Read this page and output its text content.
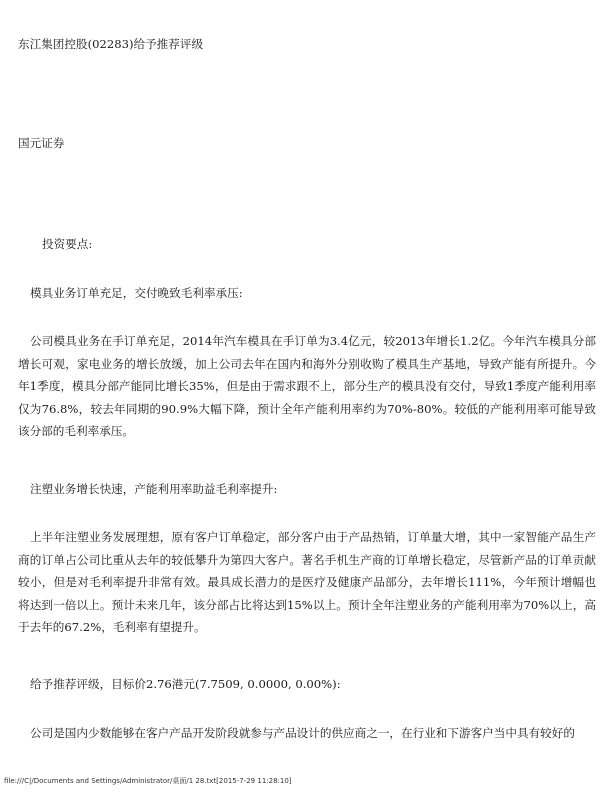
东江集团控股(02283)给予推荐评级
国元证券
投资要点:
模具业务订单充足，交付晚致毛利率承压:
公司模具业务在手订单充足，2014年汽车模具在手订单为3.4亿元，较2013年增长1.2亿。今年汽车模具分部增长可观，家电业务的增长放缓，加上公司去年在国内和海外分别收购了模具生产基地，导致产能有所提升。今年1季度，模具分部产能同比增长35%，但是由于需求跟不上，部分生产的模具没有交付，导致1季度产能利用率仅为76.8%，较去年同期的90.9%大幅下降，预计全年产能利用率约为70%-80%。较低的产能利用率可能导致该分部的毛利率承压。
注塑业务增长快速，产能利用率助益毛利率提升:
上半年注塑业务发展理想，原有客户订单稳定，部分客户由于产品热销，订单量大增，其中一家智能产品生产商的订单占公司比重从去年的较低攀升为第四大客户。著名手机生产商的订单增长稳定，尽管新产品的订单贡献较小，但是对毛利率提升非常有效。最具成长潜力的是医疗及健康产品部分，去年增长111%，今年预计增幅也将达到一倍以上。预计未来几年，该分部占比将达到15%以上。预计全年注塑业务的产能利用率为70%以上，高于去年的67.2%，毛利率有望提升。
给予推荐评级，目标价2.76港元(7.7509, 0.0000, 0.00%):
公司是国内少数能够在客户产品开发阶段就参与产品设计的供应商之一，在行业和下游客户当中具有较好的
file:///C|/Documents and Settings/Administrator/桌面/1 28.txt[2015-7-29 11:28:10]
